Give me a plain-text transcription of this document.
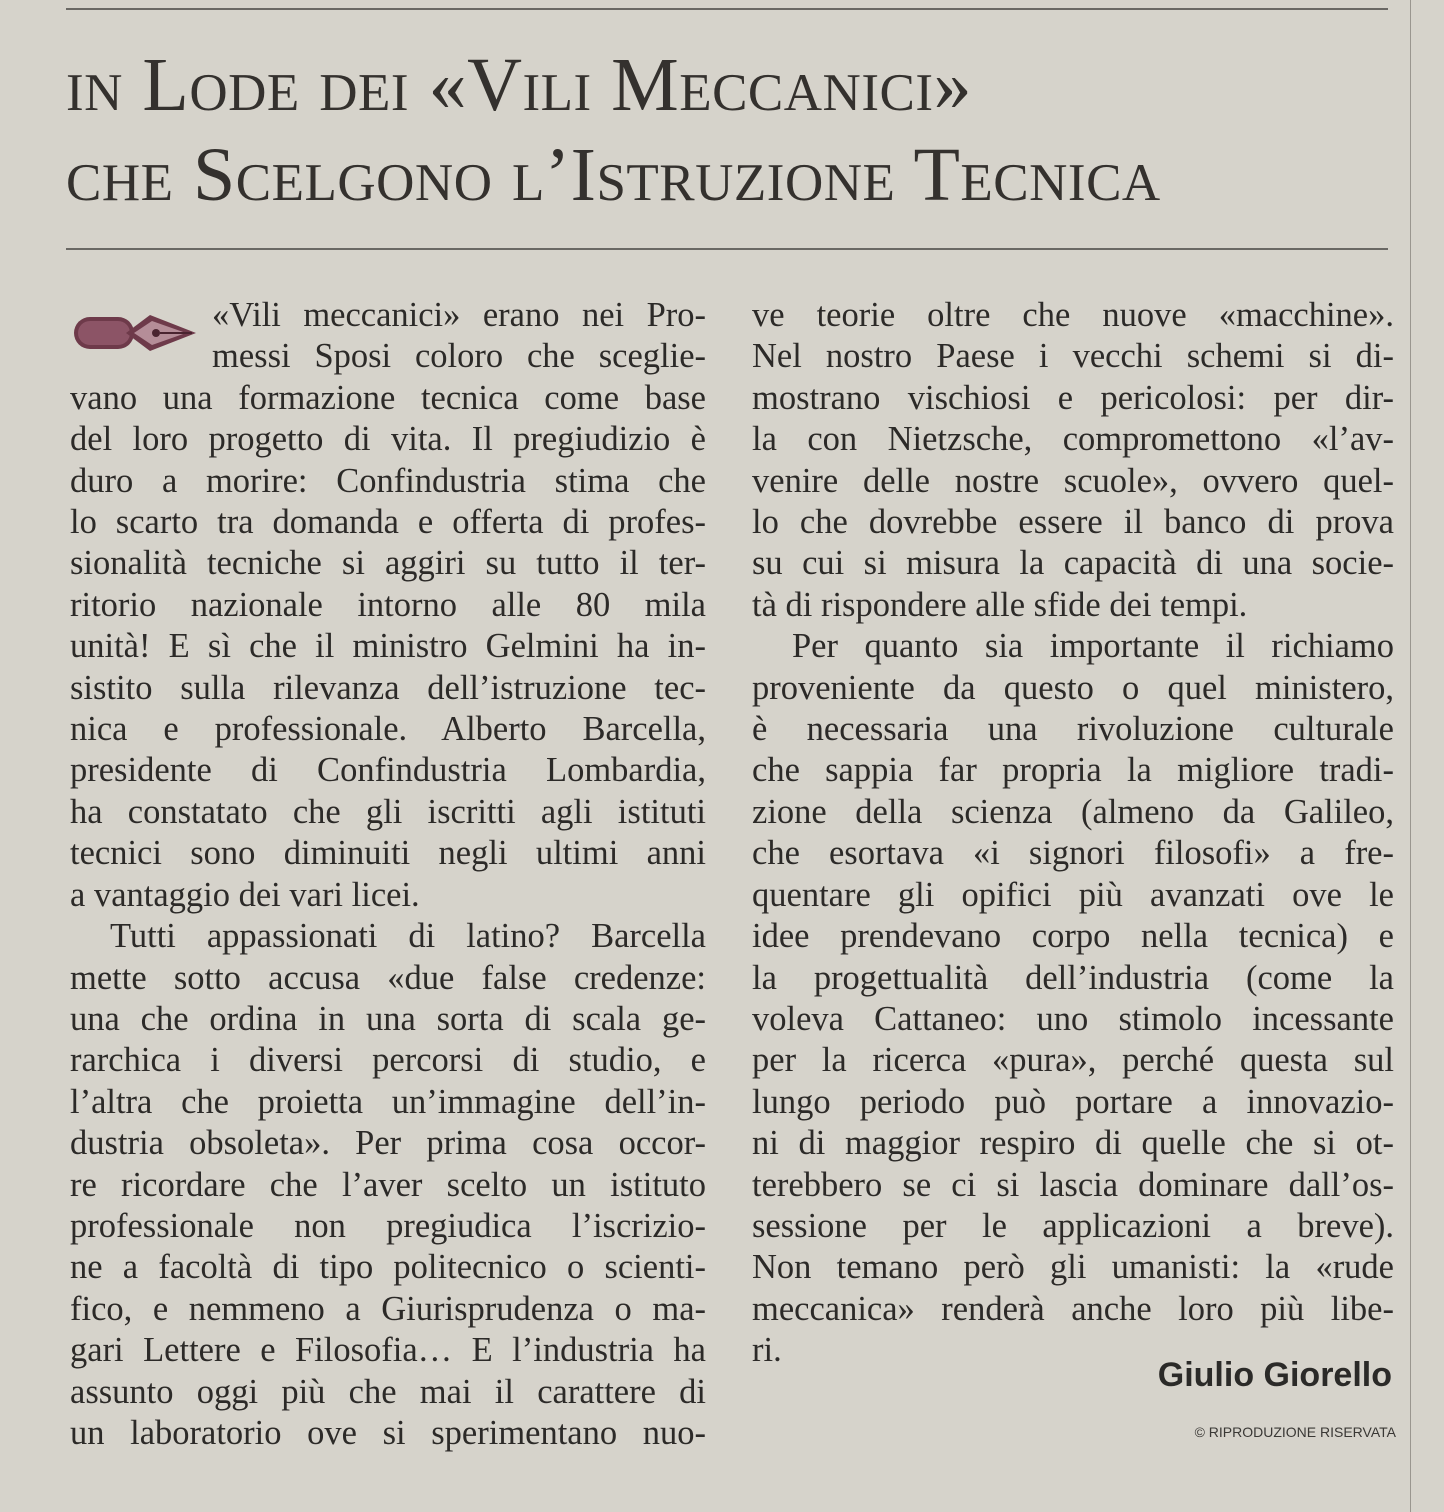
in Lode dei «Vili Meccanici»
che Scelgono l’Istruzione Tecnica
«Vili meccanici» erano nei Pro-
messi Sposi coloro che sceglie-
vano una formazione tecnica come base
del loro progetto di vita. Il pregiudizio è
duro a morire: Confindustria stima che
lo scarto tra domanda e offerta di profes-
sionalità tecniche si aggiri su tutto il ter-
ritorio nazionale intorno alle 80 mila
unità! E sì che il ministro Gelmini ha in-
sistito sulla rilevanza dell’istruzione tec-
nica e professionale. Alberto Barcella,
presidente di Confindustria Lombardia,
ha constatato che gli iscritti agli istituti
tecnici sono diminuiti negli ultimi anni
a vantaggio dei vari licei.
Tutti appassionati di latino? Barcella
mette sotto accusa «due false credenze:
una che ordina in una sorta di scala ge-
rarchica i diversi percorsi di studio, e
l’altra che proietta un’immagine dell’in-
dustria obsoleta». Per prima cosa occor-
re ricordare che l’aver scelto un istituto
professionale non pregiudica l’iscrizio-
ne a facoltà di tipo politecnico o scienti-
fico, e nemmeno a Giurisprudenza o ma-
gari Lettere e Filosofia… E l’industria ha
assunto oggi più che mai il carattere di
un laboratorio ove si sperimentano nuo-
ve teorie oltre che nuove «macchine».
Nel nostro Paese i vecchi schemi si di-
mostrano vischiosi e pericolosi: per dir-
la con Nietzsche, compromettono «l’av-
venire delle nostre scuole», ovvero quel-
lo che dovrebbe essere il banco di prova
su cui si misura la capacità di una socie-
tà di rispondere alle sfide dei tempi.
Per quanto sia importante il richiamo
proveniente da questo o quel ministero,
è necessaria una rivoluzione culturale
che sappia far propria la migliore tradi-
zione della scienza (almeno da Galileo,
che esortava «i signori filosofi» a fre-
quentare gli opifici più avanzati ove le
idee prendevano corpo nella tecnica) e
la progettualità dell’industria (come la
voleva Cattaneo: uno stimolo incessante
per la ricerca «pura», perché questa sul
lungo periodo può portare a innovazio-
ni di maggior respiro di quelle che si ot-
terebbero se ci si lascia dominare dall’os-
sessione per le applicazioni a breve).
Non temano però gli umanisti: la «rude
meccanica» renderà anche loro più libe-
ri.
Giulio Giorello
© RIPRODUZIONE RISERVATA
